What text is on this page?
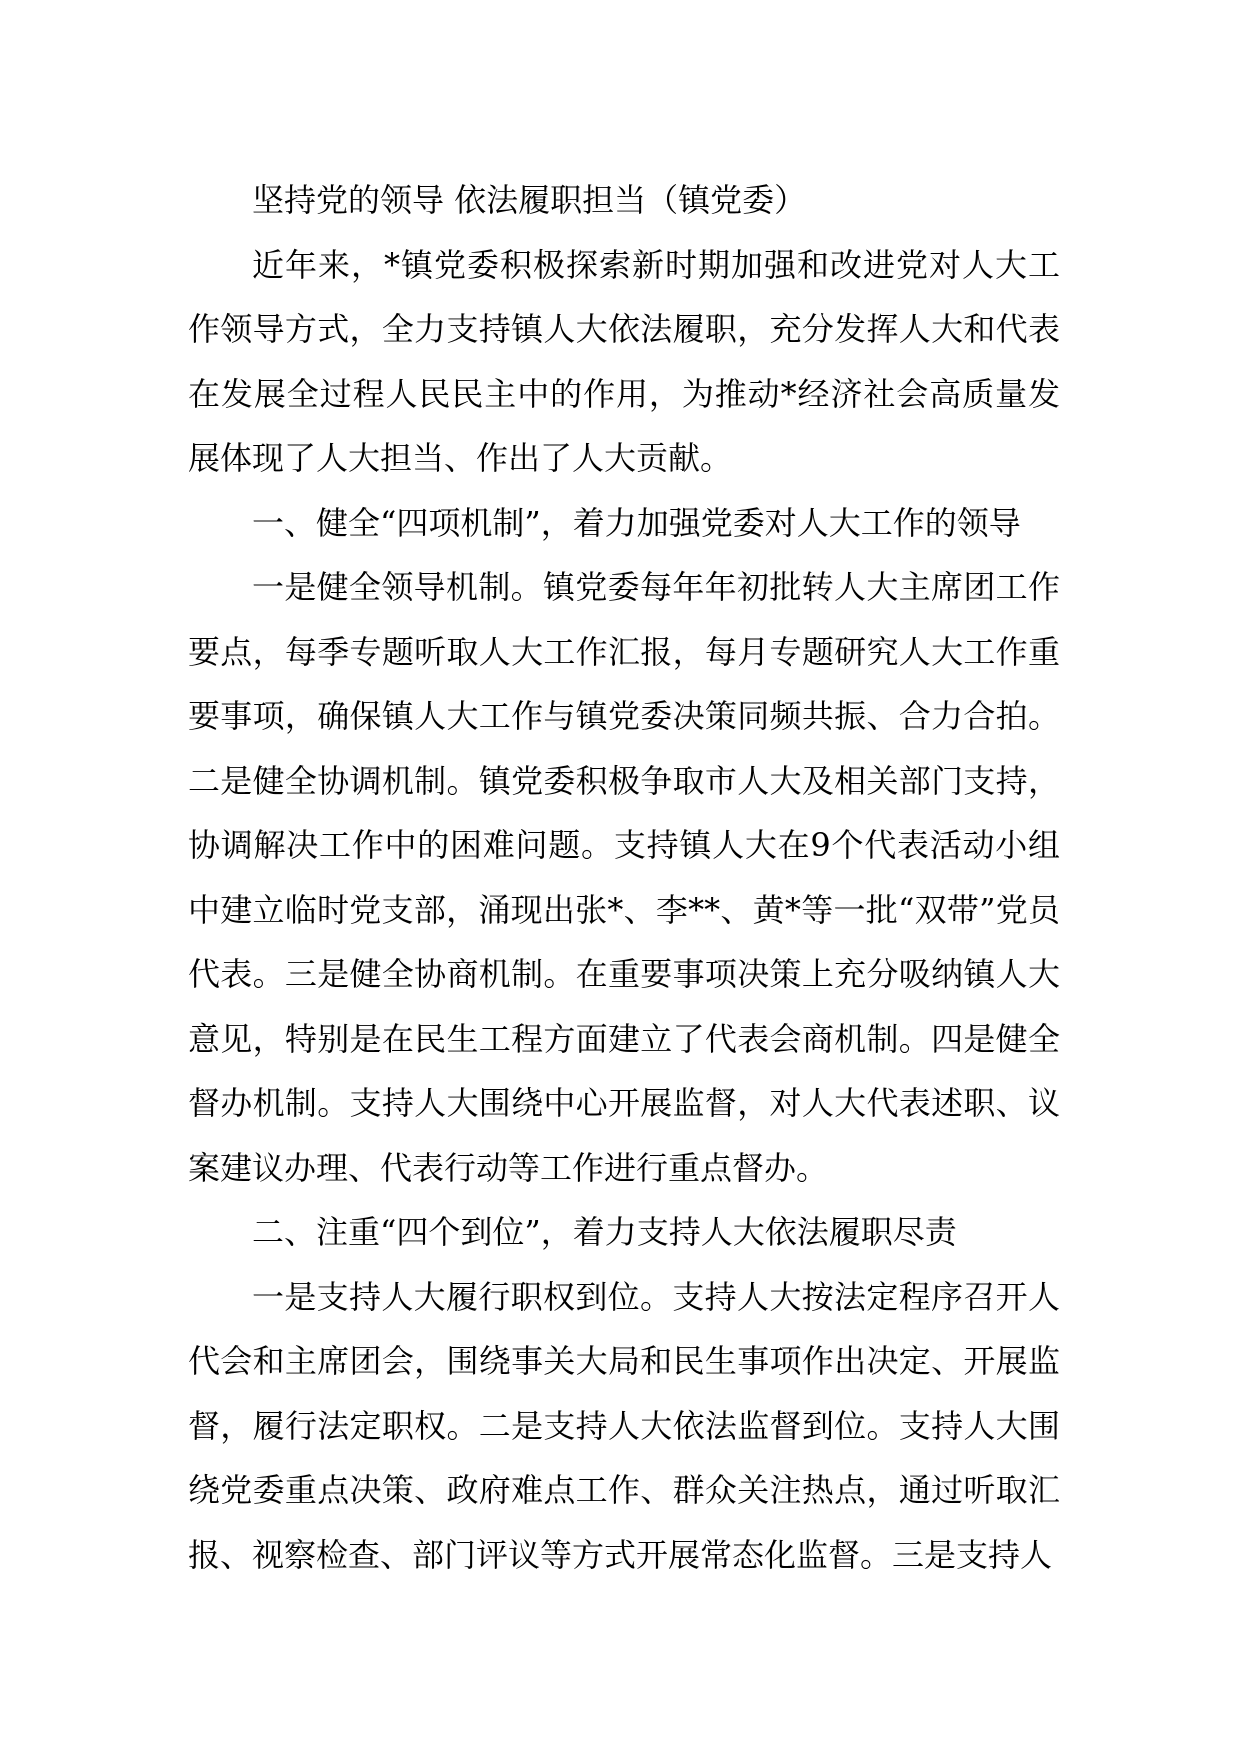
坚持党的领导 依法履职担当（镇党委）

近年来，*镇党委积极探索新时期加强和改进党对人大工作领导方式，全力支持镇人大依法履职，充分发挥人大和代表在发展全过程人民民主中的作用，为推动*经济社会高质量发展体现了人大担当、作出了人大贡献。

一、健全“四项机制”，着力加强党委对人大工作的领导

一是健全领导机制。镇党委每年年初批转人大主席团工作要点，每季专题听取人大工作汇报，每月专题研究人大工作重要事项，确保镇人大工作与镇党委决策同频共振、合力合拍。二是健全协调机制。镇党委积极争取市人大及相关部门支持，协调解决工作中的困难问题。支持镇人大在9个代表活动小组中建立临时党支部，涌现出张*、李**、黄*等一批“双带”党员代表。三是健全协商机制。在重要事项决策上充分吸纳镇人大意见，特别是在民生工程方面建立了代表会商机制。四是健全督办机制。支持人大围绕中心开展监督，对人大代表述职、议案建议办理、代表行动等工作进行重点督办。

二、注重“四个到位”，着力支持人大依法履职尽责

一是支持人大履行职权到位。支持人大按法定程序召开人代会和主席团会，围绕事关大局和民生事项作出决定、开展监督，履行法定职权。二是支持人大依法监督到位。支持人大围绕党委重点决策、政府难点工作、群众关注热点，通过听取汇报、视察检查、部门评议等方式开展常态化监督。三是支持人
